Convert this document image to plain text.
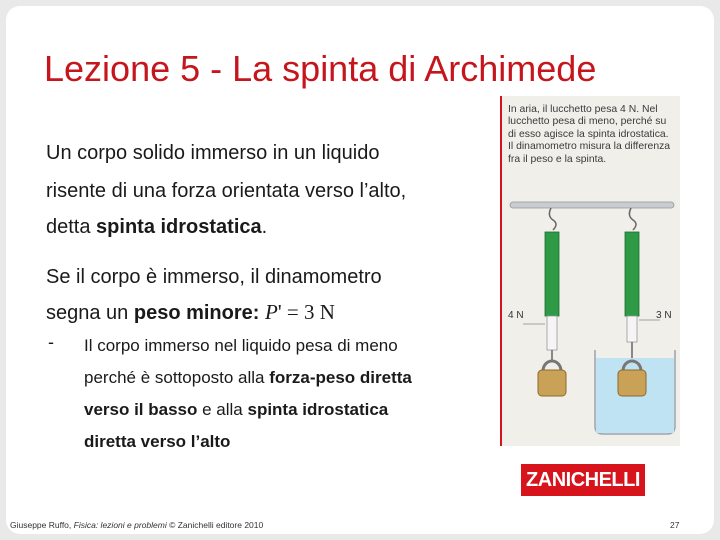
Lezione 5 - La spinta di Archimede
Un corpo solido immerso in un liquido
risente di una forza orientata verso l’alto,
detta spinta idrostatica.
Se il corpo è immerso, il dinamometro
segna un peso minore: P' = 3 N
- Il corpo immerso nel liquido pesa di meno
perché è sottoposto alla forza-peso diretta
verso il basso e alla spinta idrostatica
diretta verso l’alto
In aria, il lucchetto pesa 4 N. Nel lucchetto pesa di meno, perché su di esso agisce la spinta idrostatica. Il dinamometro misura la differenza fra il peso e la spinta.
4 N	3 N
ZANICHELLI
Giuseppe Ruffo, Fisica: lezioni e problemi © Zanichelli editore 2010	27
